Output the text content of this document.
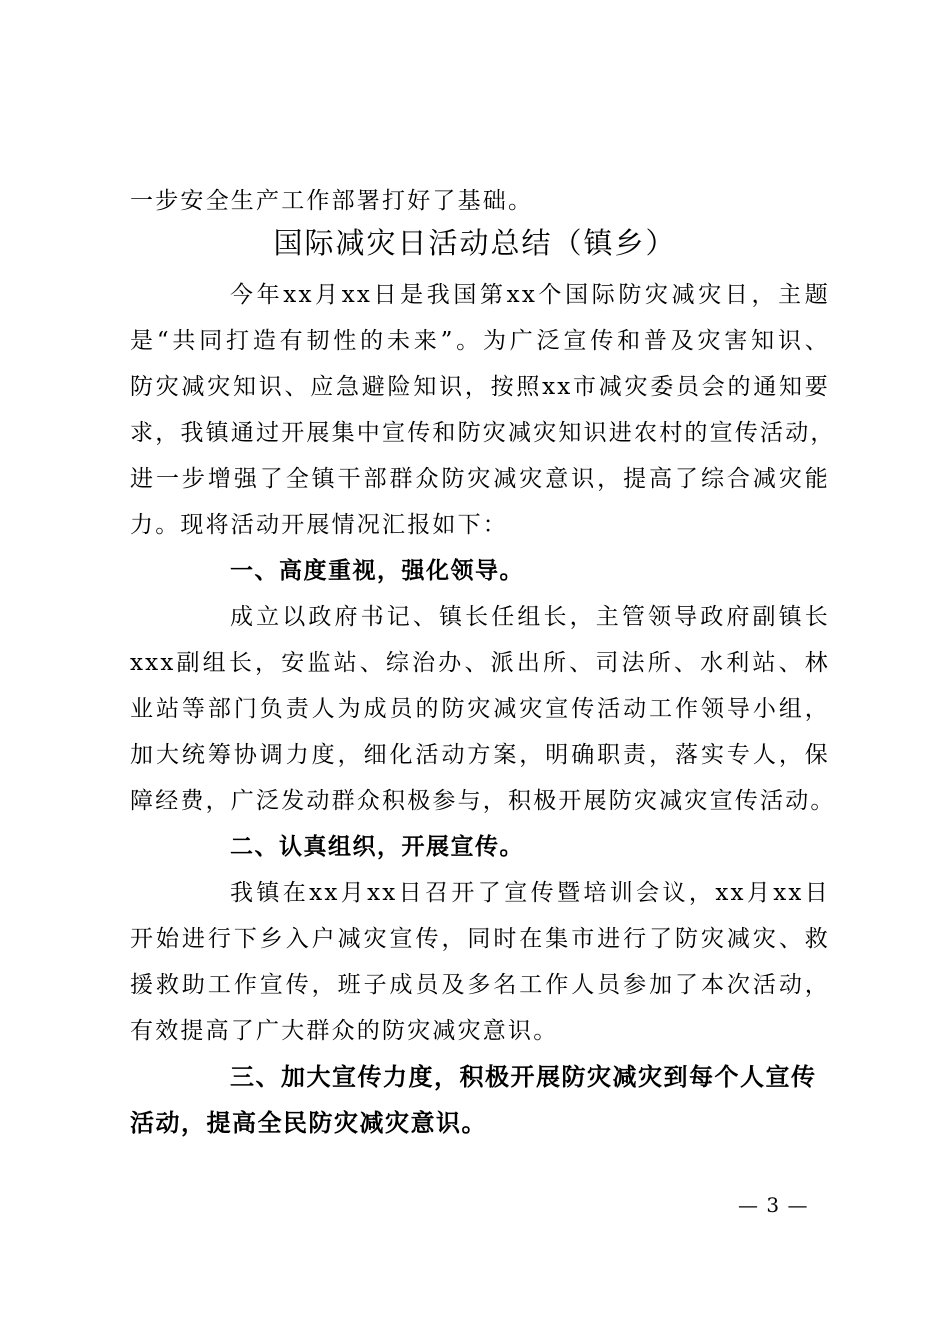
一步安全生产工作部署打好了基础。
国际减灾日活动总结（镇乡）
今年xx月xx日是我国第xx个国际防灾减灾日，主题
是“共同打造有韧性的未来”。为广泛宣传和普及灾害知识、
防灾减灾知识、应急避险知识，按照xx市减灾委员会的通知要
求，我镇通过开展集中宣传和防灾减灾知识进农村的宣传活动，
进一步增强了全镇干部群众防灾减灾意识，提高了综合减灾能
力。现将活动开展情况汇报如下：
一、高度重视，强化领导。
成立以政府书记、镇长任组长，主管领导政府副镇长
xxx副组长，安监站、综治办、派出所、司法所、水利站、林
业站等部门负责人为成员的防灾减灾宣传活动工作领导小组，
加大统筹协调力度，细化活动方案，明确职责，落实专人，保
障经费，广泛发动群众积极参与，积极开展防灾减灾宣传活动。
二、认真组织，开展宣传。
我镇在xx月xx日召开了宣传暨培训会议，xx月xx日
开始进行下乡入户减灾宣传，同时在集市进行了防灾减灾、救
援救助工作宣传，班子成员及多名工作人员参加了本次活动，
有效提高了广大群众的防灾减灾意识。
三、加大宣传力度，积极开展防灾减灾到每个人宣传
活动，提高全民防灾减灾意识。
— 3 —
